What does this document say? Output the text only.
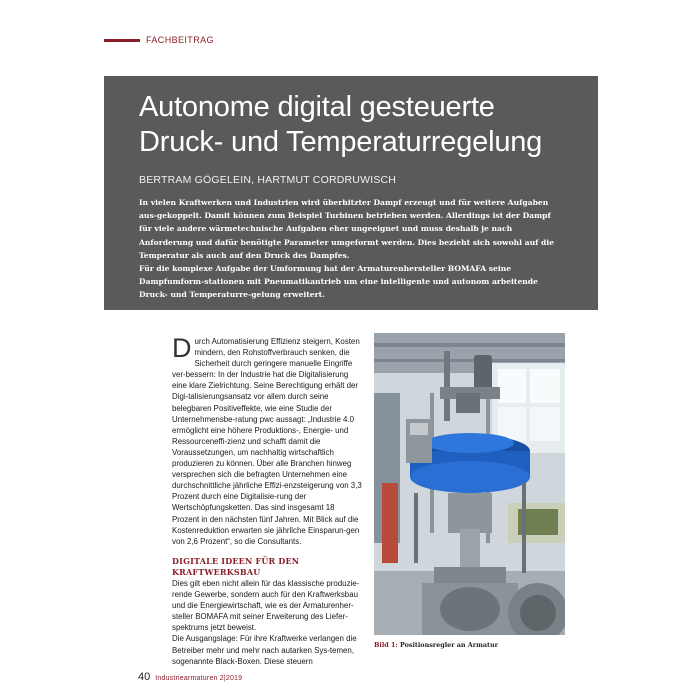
FACHBEITRAG
Autonome digital gesteuerte
Druck- und Temperaturregelung
BERTRAM GÖGELEIN, HARTMUT CORDRUWISCH

In vielen Kraftwerken und Industrien wird überhitzter Dampf erzeugt und für weitere Aufgaben aus-gekoppelt. Damit können zum Beispiel Turbinen betrieben werden. Allerdings ist der Dampf für viele andere wärmetechnische Aufgaben eher ungeeignet und muss deshalb je nach Anforderung und dafür benötigte Parameter umgeformt werden. Dies bezieht sich sowohl auf die Temperatur als auch auf den Druck des Dampfes.

Für die komplexe Aufgabe der Umformung hat der Armaturenhersteller BOMAFA seine Dampfumform-stationen mit Pneumatikantrieb um eine intelligente und autonom arbeitende Druck- und Temperaturre-gelung erweitert.

Durch Automatisierung Effizienz steigern, Kosten mindern, den Rohstoffverbrauch senken, die Sicherheit durch geringere manuelle Eingriffe ver-bessern: In der Industrie hat die Digitalisierung eine klare Zielrichtung. Seine Berechtigung erhält der Digi-talisierungsansatz vor allem durch seine belegbaren Positiveffekte, wie eine Studie der Unternehmensbe-ratung pwc aussagt: „Industrie 4.0 ermöglicht eine höhere Produktions-, Energie- und Ressourceneffi-zienz und schafft damit die Voraussetzungen, um nachhaltig wirtschaftlich produzieren zu können. Über alle Branchen hinweg versprechen sich die befragten Unternehmen eine durchschnittliche jährliche Effizi-enzsteigerung von 3,3 Prozent durch eine Digitalisie-rung der Wertschöpfungsketten. Das sind insgesamt 18 Prozent in den nächsten fünf Jahren. Mit Blick auf die Kostenreduktion erwarten sie jährliche Einsparun-gen von 2,6 Prozent“, so die Consultants.

DIGITALE IDEEN FÜR DEN KRAFTWERKSBAU

Dies gilt eben nicht allein für das klassische produzie-rende Gewerbe, sondern auch für den Kraftwerksbau und die Energiewirtschaft, wie es der Armaturenher-steller BOMAFA mit seiner Erweiterung des Liefer-spektrums jetzt beweist.

Die Ausgangslage: Für ihre Kraftwerke verlangen die Betreiber mehr und mehr nach autarken Sys-temen, sogenannte Black-Boxen. Diese steuern

Bild 1: Positionsregler an Armatur
40 Industriearmaturen 2|2019
